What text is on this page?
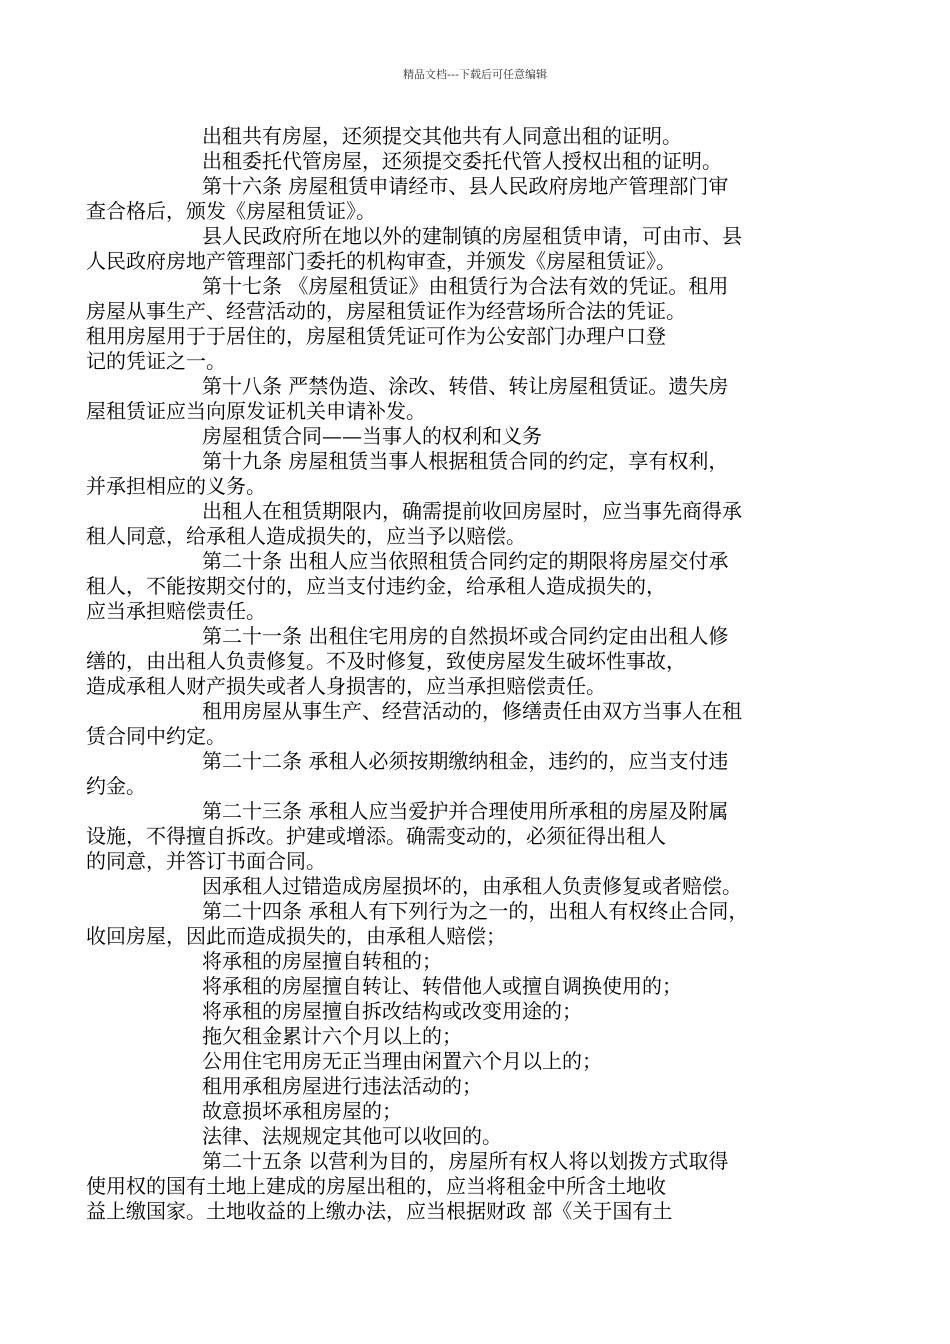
精品文档---下载后可任意编辑

出租共有房屋，还须提交其他共有人同意出租的证明。

出租委托代管房屋，还须提交委托代管人授权出租的证明。

第十六条 房屋租赁申请经市、县人民政府房地产管理部门审
查合格后，颁发《房屋租赁证》。

县人民政府所在地以外的建制镇的房屋租赁申请，可由市、县
人民政府房地产管理部门委托的机构审查，并颁发《房屋租赁证》。

第十七条 《房屋租赁证》由租赁行为合法有效的凭证。租用
房屋从事生产、经营活动的，房屋租赁证作为经营场所合法的凭证。
租用房屋用于于居住的，房屋租赁凭证可作为公安部门办理户口登
记的凭证之一。

第十八条 严禁伪造、涂改、转借、转让房屋租赁证。遗失房
屋租赁证应当向原发证机关申请补发。

房屋租赁合同——当事人的权利和义务

第十九条 房屋租赁当事人根据租赁合同的约定，享有权利，
并承担相应的义务。

出租人在租赁期限内，确需提前收回房屋时，应当事先商得承
租人同意，给承租人造成损失的，应当予以赔偿。

第二十条 出租人应当依照租赁合同约定的期限将房屋交付承
租人，不能按期交付的，应当支付违约金，给承租人造成损失的，
应当承担赔偿责任。

第二十一条 出租住宅用房的自然损坏或合同约定由出租人修
缮的，由出租人负责修复。不及时修复，致使房屋发生破坏性事故，
造成承租人财产损失或者人身损害的，应当承担赔偿责任。

租用房屋从事生产、经营活动的，修缮责任由双方当事人在租
赁合同中约定。

第二十二条 承租人必须按期缴纳租金，违约的，应当支付违
约金。

第二十三条 承租人应当爱护并合理使用所承租的房屋及附属
设施，不得擅自拆改。护建或增添。确需变动的，必须征得出租人
的同意，并答订书面合同。

因承租人过错造成房屋损坏的，由承租人负责修复或者赔偿。

第二十四条 承租人有下列行为之一的，出租人有权终止合同，
收回房屋，因此而造成损失的，由承租人赔偿；

将承租的房屋擅自转租的；

将承租的房屋擅自转让、转借他人或擅自调换使用的；

将承租的房屋擅自拆改结构或改变用途的；

拖欠租金累计六个月以上的；

公用住宅用房无正当理由闲置六个月以上的；

租用承租房屋进行违法活动的；

故意损坏承租房屋的；

法律、法规规定其他可以收回的。

第二十五条 以营利为目的，房屋所有权人将以划拨方式取得
使用权的国有土地上建成的房屋出租的，应当将租金中所含土地收
益上缴国家。土地收益的上缴办法，应当根据财政 部《关于国有土
